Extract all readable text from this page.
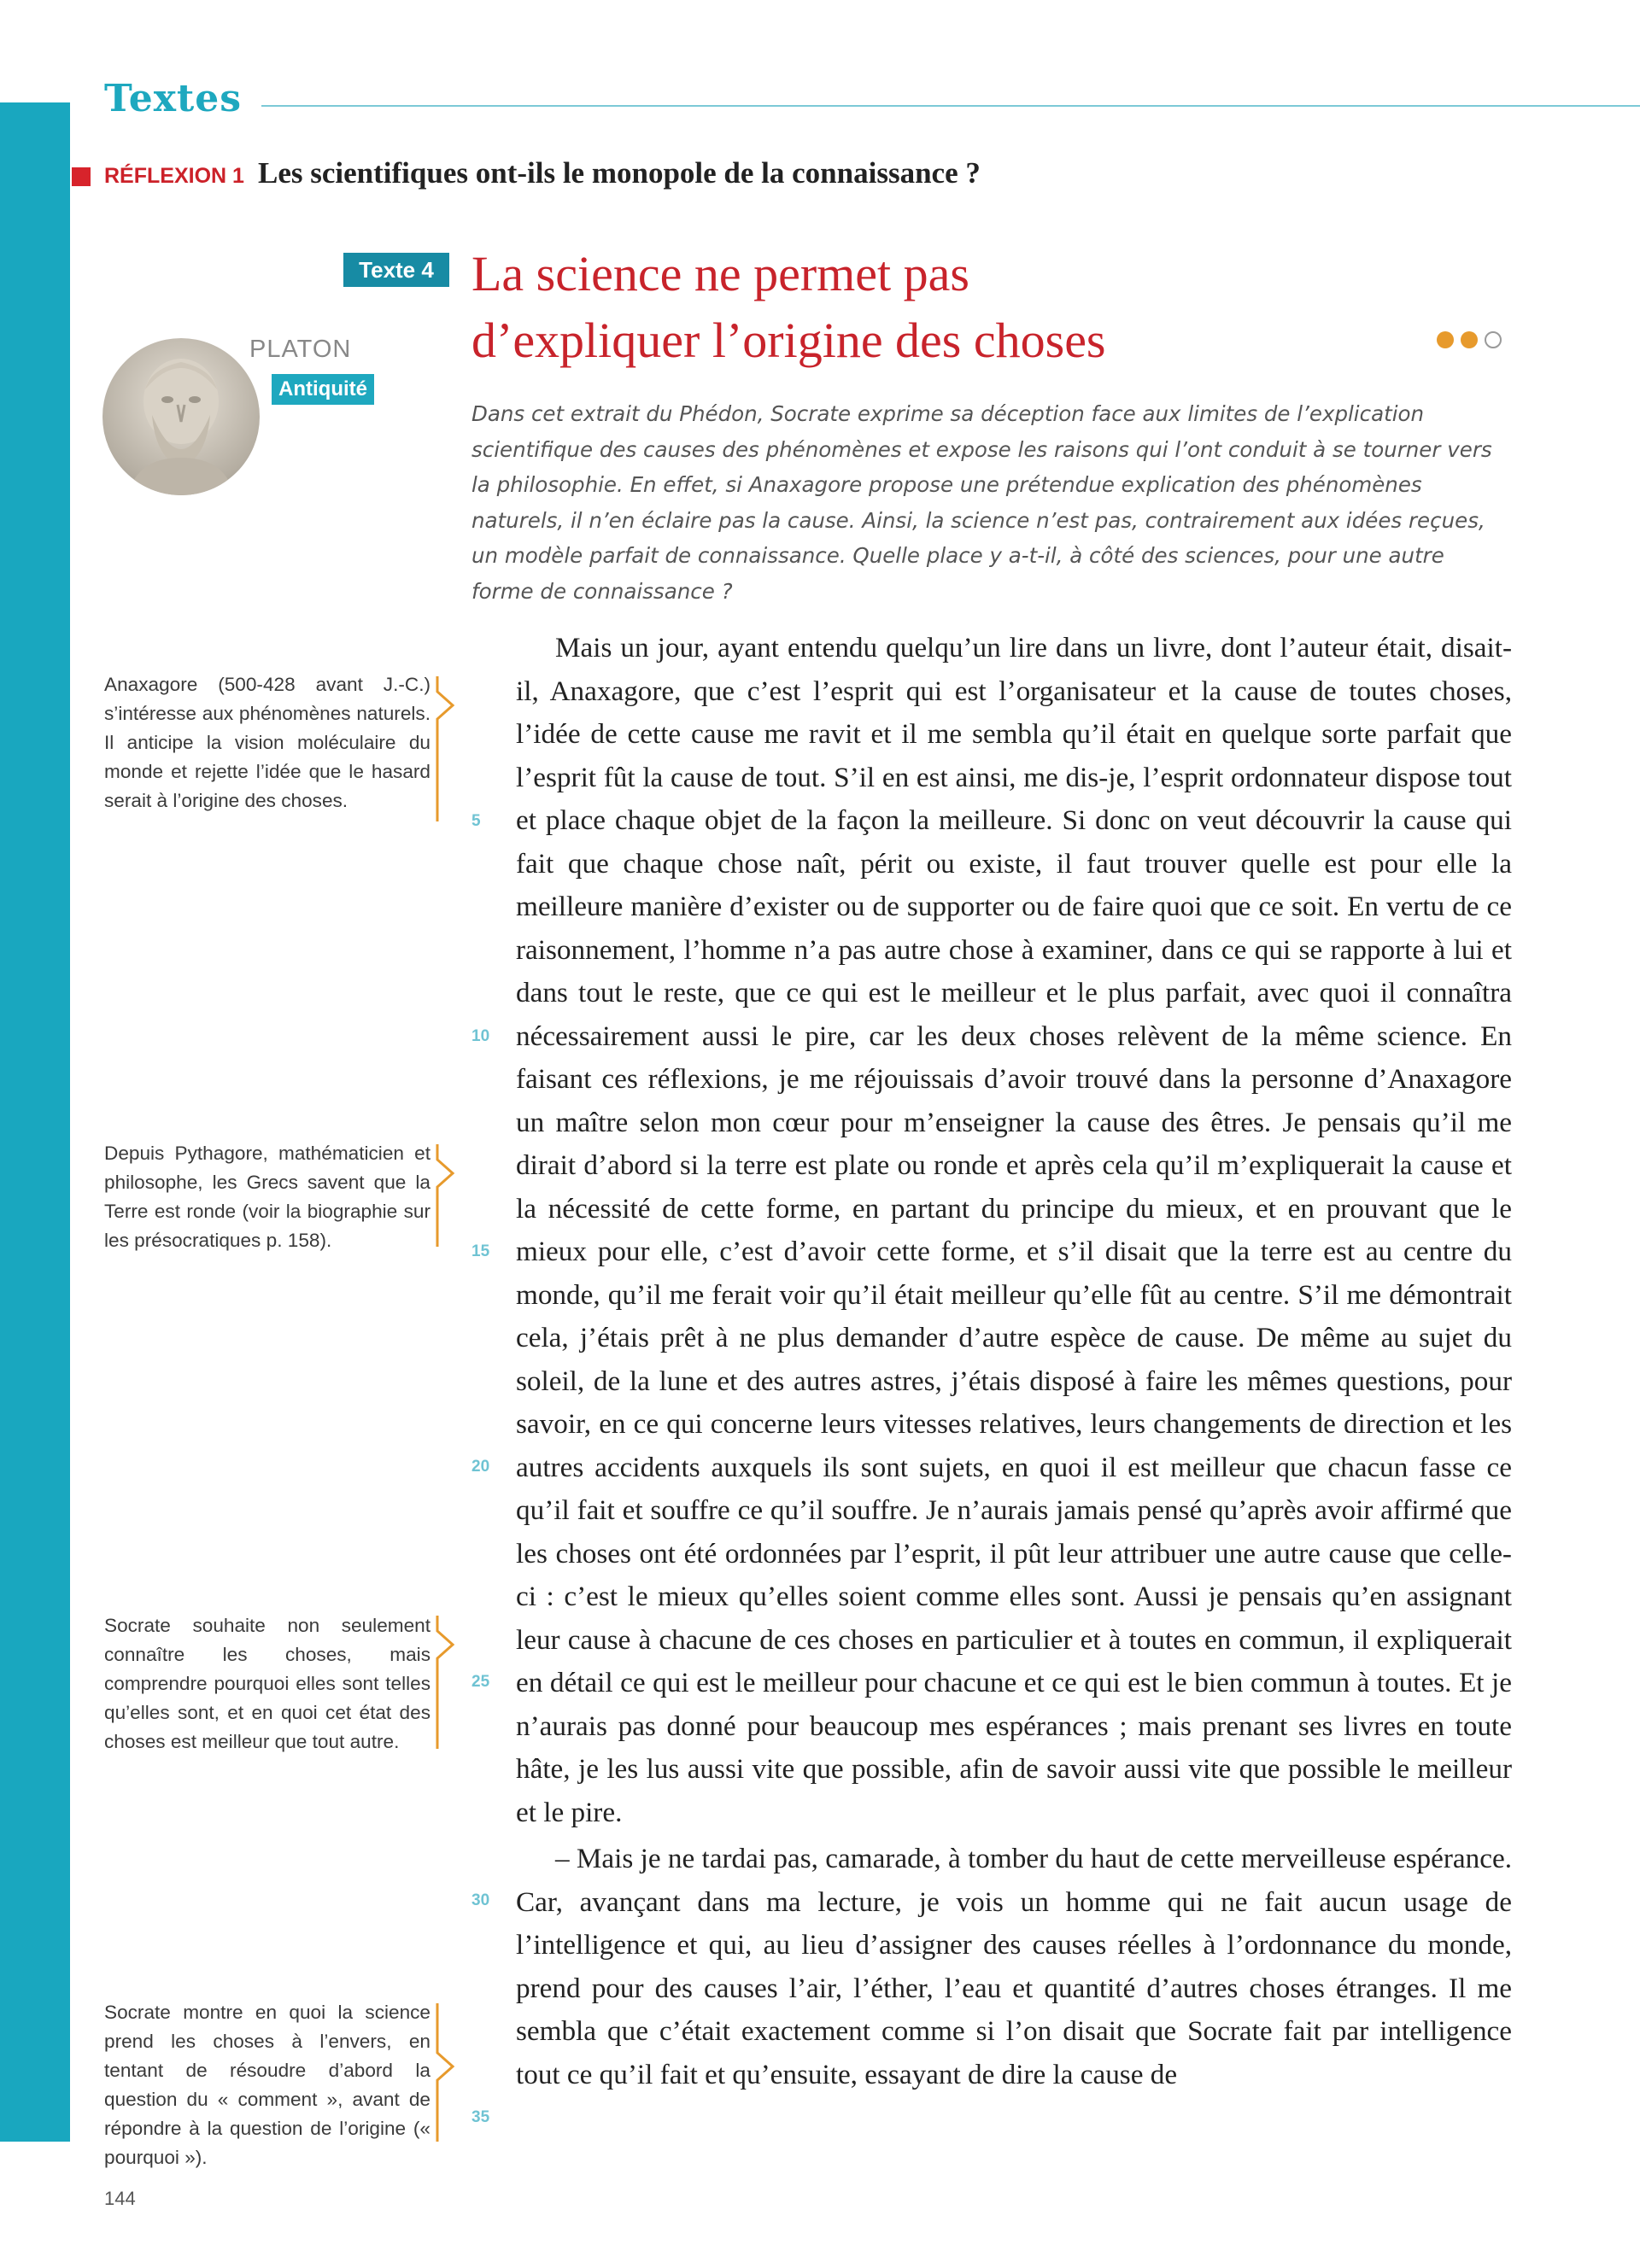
Textes
RÉFLEXION 1 Les scientifiques ont-ils le monopole de la connaissance ?
Texte 4 La science ne permet pas
d’expliquer l’origine des choses
PLATON
Antiquité
Dans cet extrait du Phédon, Socrate exprime sa déception face aux limites de l’explication scientifique des causes des phénomènes et expose les raisons qui l’ont conduit à se tourner vers la philosophie. En effet, si Anaxagore propose une prétendue explication des phénomènes naturels, il n’en éclaire pas la cause. Ainsi, la science n’est pas, contrairement aux idées reçues, un modèle parfait de connaissance. Quelle place y a-t-il, à côté des sciences, pour une autre forme de connaissance ?

Mais un jour, ayant entendu quelqu’un lire dans un livre, dont l’auteur était, disait-il, Anaxagore, que c’est l’esprit qui est l’organisateur et la cause de toutes choses, l’idée de cette cause me ravit et il me sembla qu’il était en quelque sorte parfait que l’esprit fût la cause de tout. S’il en est ainsi, me dis-je, l’esprit ordonnateur dispose tout et place chaque objet de la façon la meilleure. Si donc on veut découvrir la cause qui fait que chaque chose naît, périt ou existe, il faut trouver quelle est pour elle la meilleure manière d’exister ou de supporter ou de faire quoi que ce soit. En vertu de ce raisonnement, l’homme n’a pas autre chose à examiner, dans ce qui se rapporte à lui et dans tout le reste, que ce qui est le meilleur et le plus parfait, avec quoi il connaîtra nécessairement aussi le pire, car les deux choses relèvent de la même science. En faisant ces réflexions, je me réjouissais d’avoir trouvé dans la personne d’Anaxagore un maître selon mon cœur pour m’enseigner la cause des êtres. Je pensais qu’il me dirait d’abord si la terre est plate ou ronde et après cela qu’il m’expliquerait la cause et la nécessité de cette forme, en partant du principe du mieux, et en prouvant que le mieux pour elle, c’est d’avoir cette forme, et s’il disait que la terre est au centre du monde, qu’il me ferait voir qu’il était meilleur qu’elle fût au centre. S’il me démontrait cela, j’étais prêt à ne plus demander d’autre espèce de cause. De même au sujet du soleil, de la lune et des autres astres, j’étais disposé à faire les mêmes questions, pour savoir, en ce qui concerne leurs vitesses relatives, leurs changements de direction et les autres accidents auxquels ils sont sujets, en quoi il est meilleur que chacun fasse ce qu’il fait et souffre ce qu’il souffre. Je n’aurais jamais pensé qu’après avoir affirmé que les choses ont été ordonnées par l’esprit, il pût leur attribuer une autre cause que celle-ci : c’est le mieux qu’elles soient comme elles sont. Aussi je pensais qu’en assignant leur cause à chacune de ces choses en particulier et à toutes en commun, il expliquerait en détail ce qui est le meilleur pour chacune et ce qui est le bien commun à toutes. Et je n’aurais pas donné pour beaucoup mes espérances ; mais prenant ses livres en toute hâte, je les lus aussi vite que possible, afin de savoir aussi vite que possible le meilleur et le pire.

– Mais je ne tardai pas, camarade, à tomber du haut de cette merveilleuse espérance. Car, avançant dans ma lecture, je vois un homme qui ne fait aucun usage de l’intelligence et qui, au lieu d’assigner des causes réelles à l’ordonnance du monde, prend pour des causes l’air, l’éther, l’eau et quantité d’autres choses étranges. Il me sembla que c’était exactement comme si l’on disait que Socrate fait par intelligence tout ce qu’il fait et qu’ensuite, essayant de dire la cause de

5
10
15
20
25
30
35
Anaxagore (500-428 avant J.-C.) s’intéresse aux phénomènes naturels. Il anticipe la vision moléculaire du monde et rejette l’idée que le hasard serait à l’origine des choses.
Depuis Pythagore, mathématicien et philosophe, les Grecs savent que la Terre est ronde (voir la biographie sur les présocratiques p. 158).
Socrate souhaite non seulement connaître les choses, mais comprendre pourquoi elles sont telles qu’elles sont, et en quoi cet état des choses est meilleur que tout autre.
Socrate montre en quoi la science prend les choses à l’envers, en tentant de résoudre d’abord la question du « comment », avant de répondre à la question de l’origine (« pourquoi »).
144
